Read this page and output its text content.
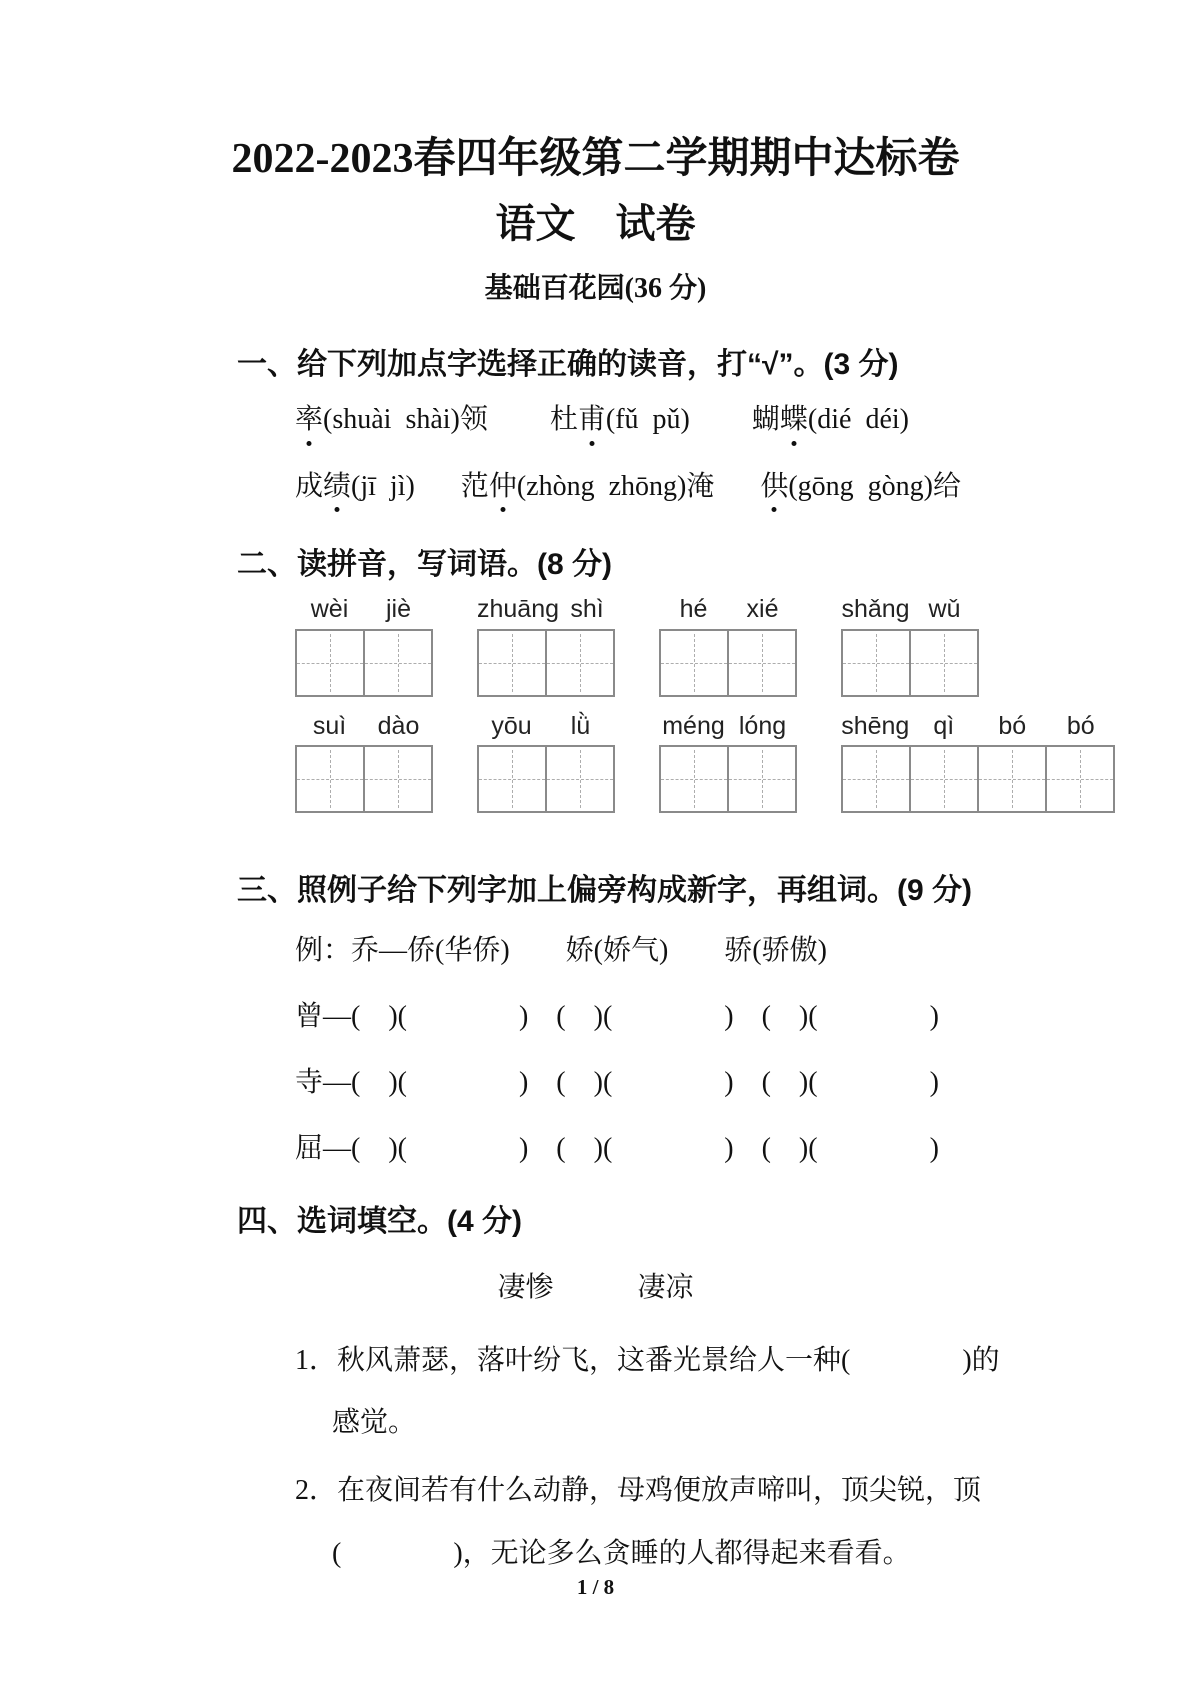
2022-2023春四年级第二学期期中达标卷
语文　试卷
基础百花园(36 分)
一、给下列加点字选择正确的读音，打“√”。(3 分)
率(shuài  shài)领 杜甫(fǔ  pǔ) 蝴蝶(dié  déi)
成绩(jī  jì) 范仲(zhòng  zhōng)淹 供(gōng  gòng)给
二、读拼音，写词语。(8 分)
wèi	jiè	zhuāng shì	hé	xié	shǎng wǔ
suì	dào	yōu	lǜ	méng lóng	shēng qì	bó	bó
三、照例子给下列字加上偏旁构成新字，再组词。(9 分)
例：乔—侨(华侨)　　娇(娇气)　　骄(骄傲)
曾—(　)(　　　　)　(　)(　　　　)　(　)(　　　　)
寺—(　)(　　　　)　(　)(　　　　)　(　)(　　　　)
屈—(　)(　　　　)　(　)(　　　　)　(　)(　　　　)
四、选词填空。(4 分)
凄惨　　　凄凉
1．秋风萧瑟，落叶纷飞，这番光景给人一种(　　　　)的
感觉。
2．在夜间若有什么动静，母鸡便放声啼叫，顶尖锐，顶
(　　　　)，无论多么贪睡的人都得起来看看。
1 / 8
